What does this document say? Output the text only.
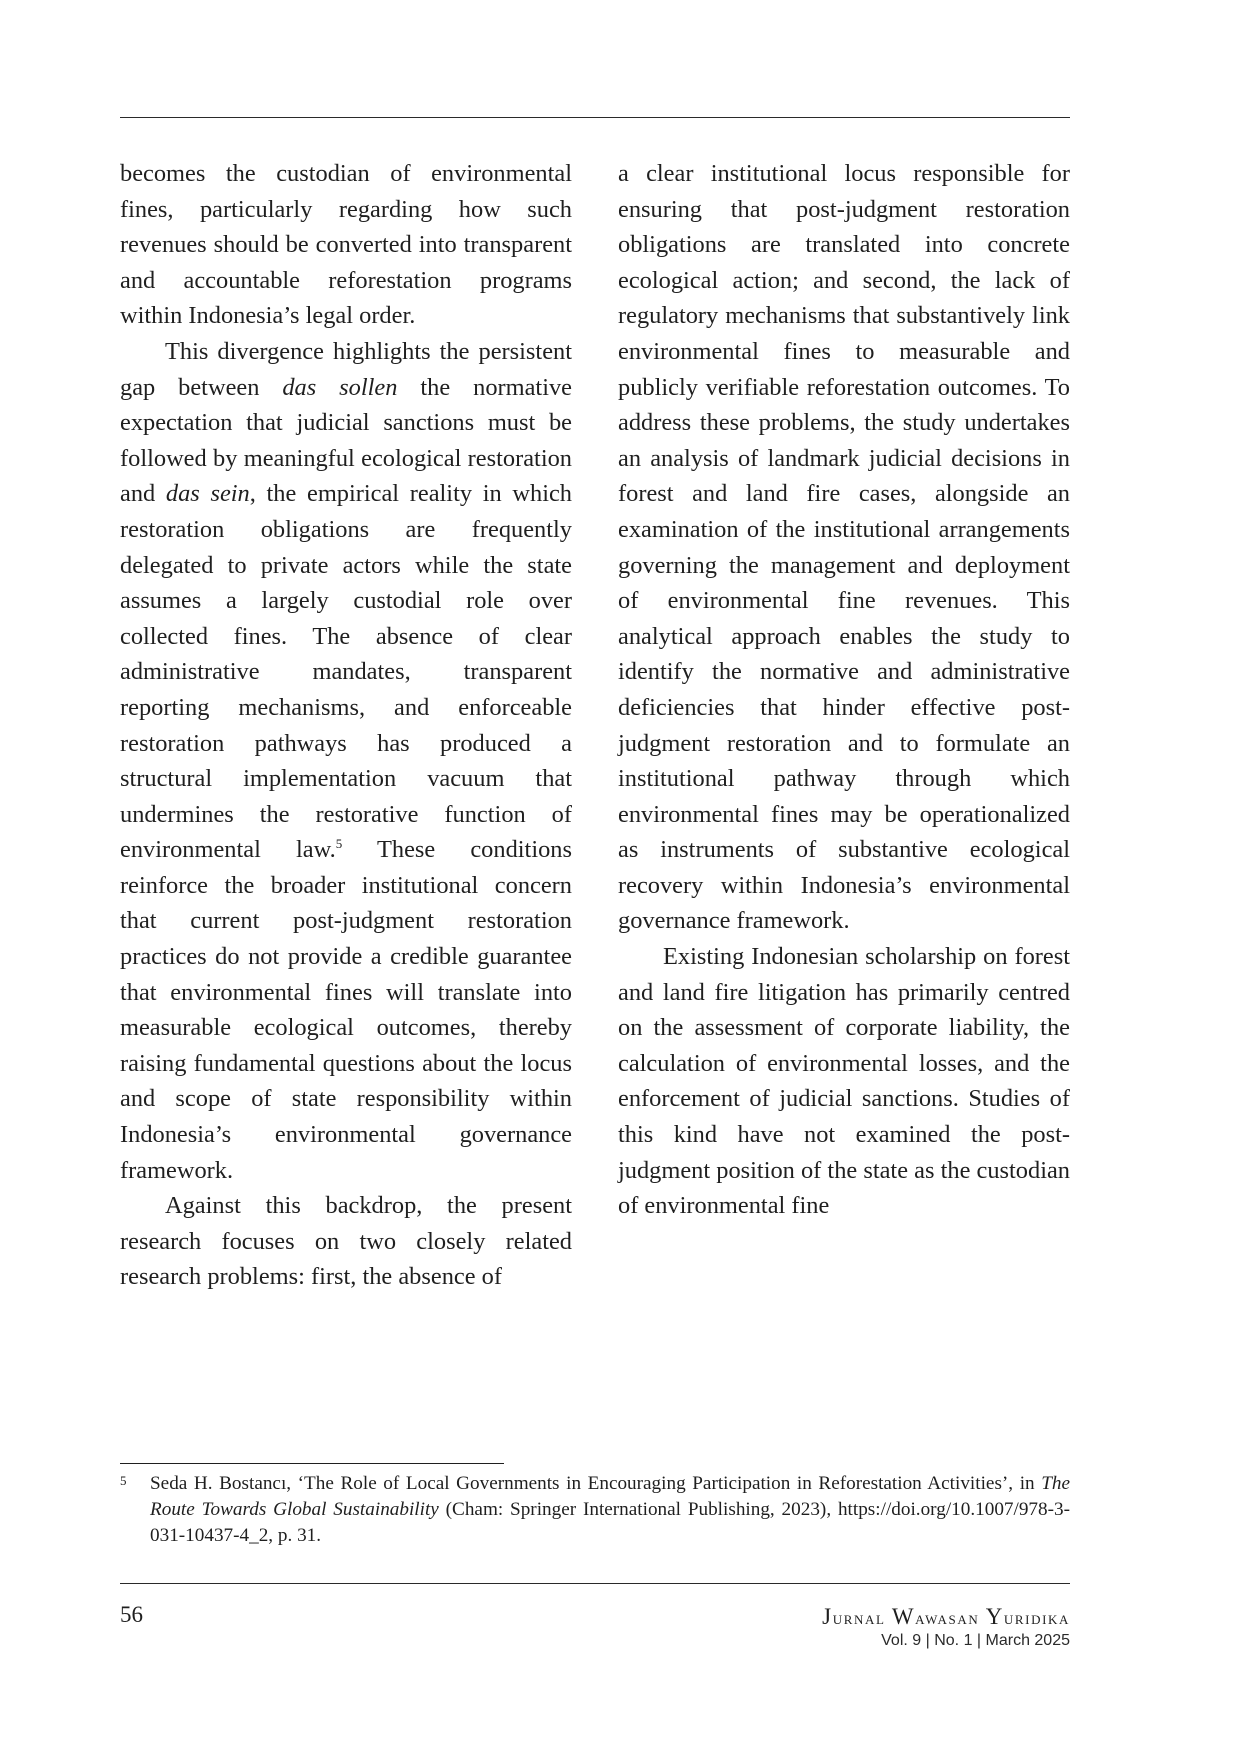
becomes the custodian of environmental fines, particularly regarding how such revenues should be converted into transparent and accountable reforestation programs within Indonesia’s legal order.

This divergence highlights the persistent gap between das sollen the normative expectation that judicial sanctions must be followed by meaningful ecological restoration and das sein, the empirical reality in which restoration obligations are frequently delegated to private actors while the state assumes a largely custodial role over collected fines. The absence of clear administrative mandates, transparent reporting mechanisms, and enforceable restoration pathways has produced a structural implementation vacuum that undermines the restorative function of environmental law.$^5$ These conditions reinforce the broader institutional concern that current post-judgment restoration practices do not provide a credible guarantee that environmental fines will translate into measurable ecological outcomes, thereby raising fundamental questions about the locus and scope of state responsibility within Indonesia’s environmental governance framework.

Against this backdrop, the present research focuses on two closely related research problems: first, the absence of

a clear institutional locus responsible for ensuring that post-judgment restoration obligations are translated into concrete ecological action; and second, the lack of regulatory mechanisms that substantively link environmental fines to measurable and publicly verifiable reforestation outcomes. To address these problems, the study undertakes an analysis of landmark judicial decisions in forest and land fire cases, alongside an examination of the institutional arrangements governing the management and deployment of environmental fine revenues. This analytical approach enables the study to identify the normative and administrative deficiencies that hinder effective post-judgment restoration and to formulate an institutional pathway through which environmental fines may be operationalized as instruments of substantive ecological recovery within Indonesia’s environmental governance framework.

Existing Indonesian scholarship on forest and land fire litigation has primarily centred on the assessment of corporate liability, the calculation of environmental losses, and the enforcement of judicial sanctions. Studies of this kind have not examined the post-judgment position of the state as the custodian of environmental fine

5 Seda H. Bostancı, ‘The Role of Local Governments in Encouraging Participation in Reforestation Activities’, in The Route Towards Global Sustainability (Cham: Springer International Publishing, 2023), https://doi.org/10.1007/978-3-031-10437-4_2, p. 31.
56	Jurnal Wawasan Yuridika
Vol. 9 | No. 1 | March 2025
